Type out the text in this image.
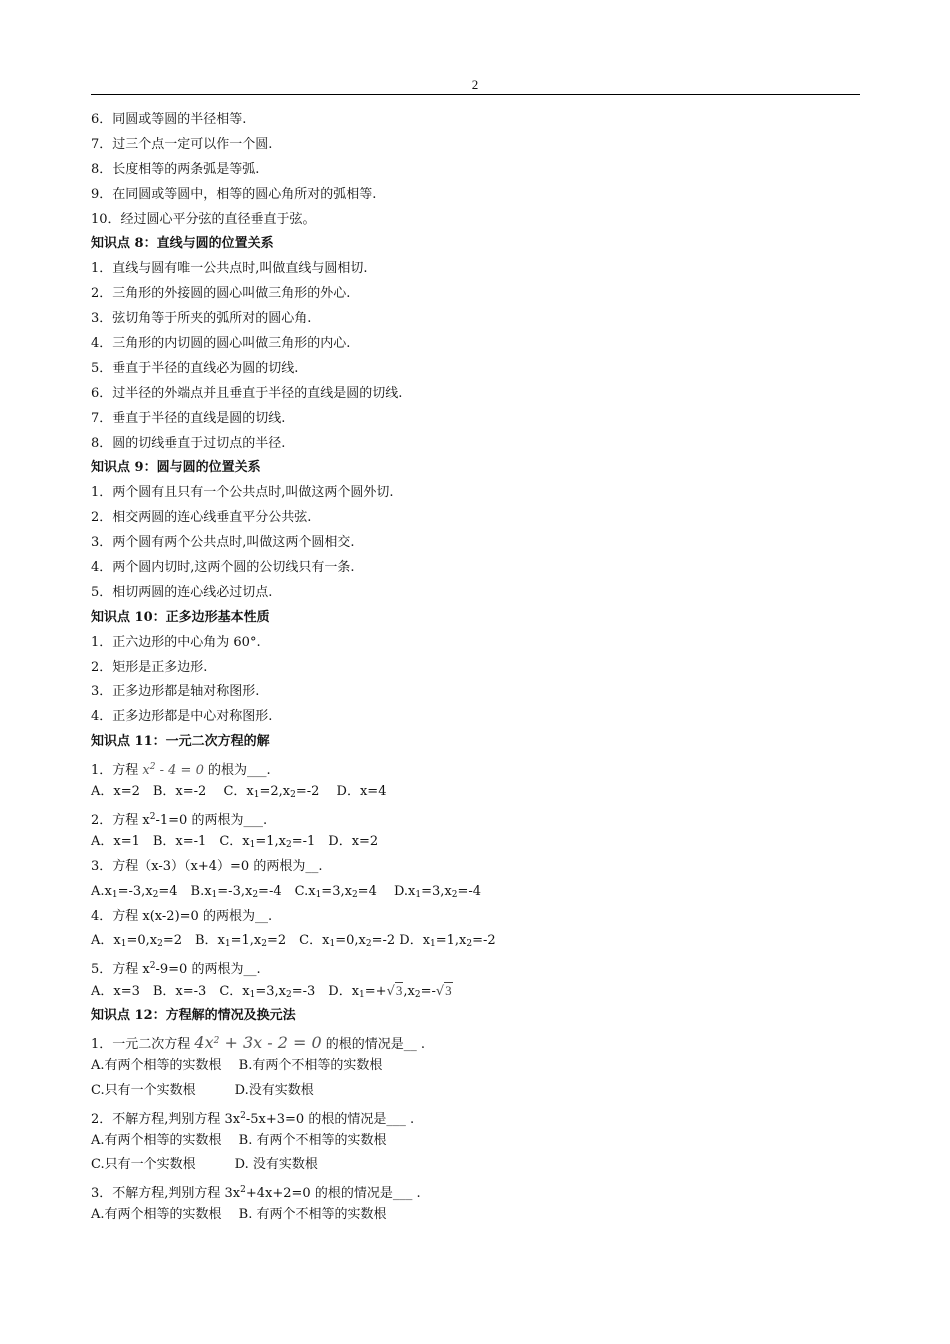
2
6．同圆或等圆的半径相等.
7．过三个点一定可以作一个圆.
8．长度相等的两条弧是等弧.
9．在同圆或等圆中，相等的圆心角所对的弧相等.
10．经过圆心平分弦的直径垂直于弦。
知识点 8：直线与圆的位置关系
1．直线与圆有唯一公共点时,叫做直线与圆相切.
2．三角形的外接圆的圆心叫做三角形的外心.
3．弦切角等于所夹的弧所对的圆心角.
4．三角形的内切圆的圆心叫做三角形的内心.
5．垂直于半径的直线必为圆的切线.
6．过半径的外端点并且垂直于半径的直线是圆的切线.
7．垂直于半径的直线是圆的切线.
8．圆的切线垂直于过切点的半径.
知识点 9：圆与圆的位置关系
1．两个圆有且只有一个公共点时,叫做这两个圆外切.
2．相交两圆的连心线垂直平分公共弦.
3．两个圆有两个公共点时,叫做这两个圆相交.
4．两个圆内切时,这两个圆的公切线只有一条.
5．相切两圆的连心线必过切点.
知识点 10：正多边形基本性质
1．正六边形的中心角为 60°.
2．矩形是正多边形.
3．正多边形都是轴对称图形.
4．正多边形都是中心对称图形.
知识点 11：一元二次方程的解
1．方程 $x^2 - 4 = 0$ 的根为___.
A．x=2　B．x=-2　 C．$x_1=2,x_2=-2$　 D．x=4
2．方程 $x^2-1=0$ 的两根为___.
A．x=1　B．x=-1　C．$x_1=1,x_2=-1$　D．x=2
3．方程（x-3）（x+4）=0 的两根为__.
$A.x_1=-3,x_2=4$　$B.x_1=-3,x_2=-4$　$C.x_1=3,x_2=4$　 $D.x_1=3,x_2=-4$
4．方程 x(x-2)=0 的两根为__.
A．$x_1=0,x_2=2$　B．$x_1=1,x_2=2$　C．$x_1=0,x_2=-2$ D．$x_1=1,x_2=-2$
5．方程 $x^2-9=0$ 的两根为__.
A．x=3　B．x=-3　C．$x_1=3,x_2=-3$　D．$x_1=+√3,x_2=-√3$
知识点 12：方程解的情况及换元法
1．一元二次方程 $4x^2 + 3x - 2 = 0$ 的根的情况是__ .
A.有两个相等的实数根　 B.有两个不相等的实数根
C.只有一个实数根　　　D.没有实数根
2．不解方程,判别方程 $3x^2-5x+3=0$ 的根的情况是___ .
A.有两个相等的实数根　 B. 有两个不相等的实数根
C.只有一个实数根　　　D. 没有实数根
3．不解方程,判别方程 $3x^2+4x+2=0$ 的根的情况是___ .
A.有两个相等的实数根　 B. 有两个不相等的实数根
